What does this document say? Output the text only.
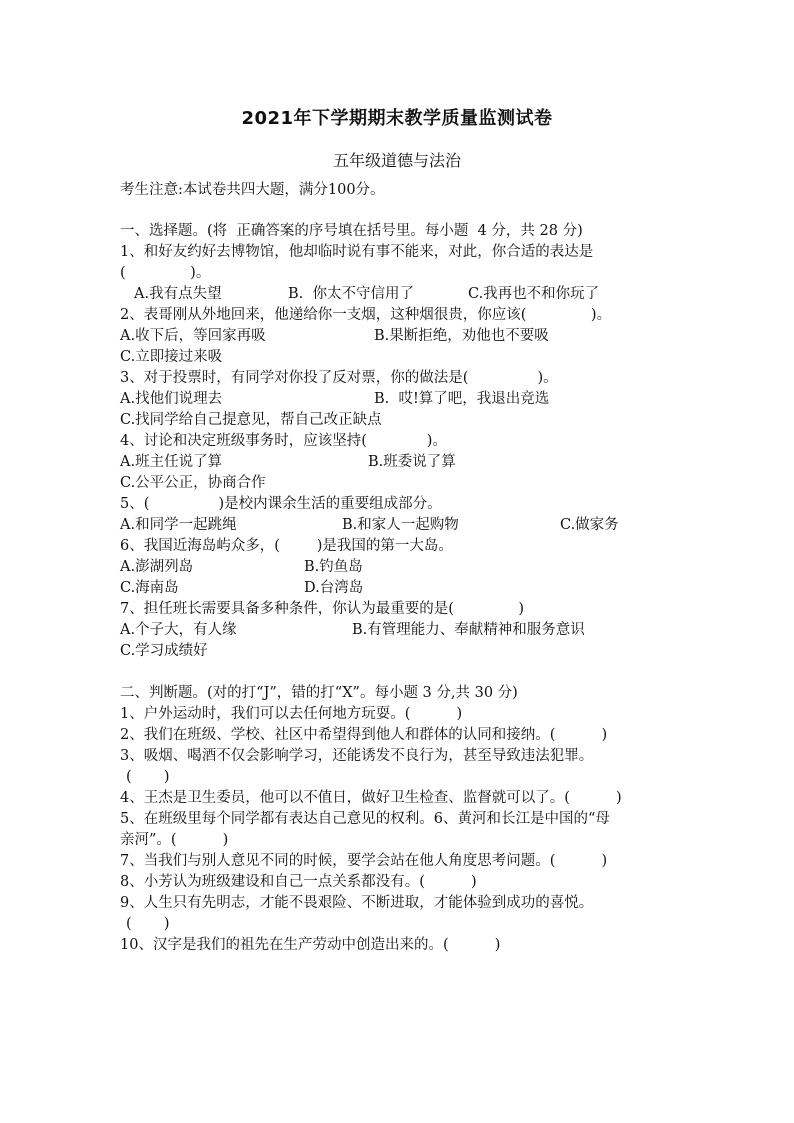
2021年下学期期末教学质量监测试卷
五年级道德与法治
考生注意:本试卷共四大题，满分100分。
一、选择题。(将  正确答案的序号填在括号里。每小题  4 分，共 28 分)
1、和好友约好去博物馆，他却临时说有事不能来，对此，你合适的表达是
(              )。
A.我有点失望	B.  你太不守信用了	C.我再也不和你玩了
2、表哥刚从外地回来，他递给你一支烟，这种烟很贵，你应该(              )。
A.收下后，等回家再吸	B.果断拒绝，劝他也不要吸
C.立即接过来吸
3、对于投票时，有同学对你投了反对票，你的做法是(               )。
A.找他们说理去	B.  哎!算了吧，我退出竞选
C.找同学给自己提意见，帮自己改正缺点
4、讨论和决定班级事务时，应该坚持(             )。
A.班主任说了算	B.班委说了算
C.公平公正，协商合作
5、(               )是校内课余生活的重要组成部分。
A.和同学一起跳绳	B.和家人一起购物	C.做家务
6、我国近海岛屿众多，(        )是我国的第一大岛。
A.澎湖列岛	B.钓鱼岛
C.海南岛	D.台湾岛
7、担任班长需要具备多种条件，你认为最重要的是(              )
A.个子大，有人缘	B.有管理能力、奉献精神和服务意识
C.学习成绩好
二、判断题。(对的打“J”，错的打“X”。每小题 3 分,共 30 分)
1、户外运动时，我们可以去任何地方玩耍。(          )
2、我们在班级、学校、社区中希望得到他人和群体的认同和接纳。(          )
3、吸烟、喝酒不仅会影响学习，还能诱发不良行为，甚至导致违法犯罪。
(       )
4、王杰是卫生委员，他可以不值日，做好卫生检查、监督就可以了。(          )
5、在班级里每个同学都有表达自己意见的权利。6、黄河和长江是中国的“母
亲河”。(          )
7、当我们与别人意见不同的时候，要学会站在他人角度思考问题。(          )
8、小芳认为班级建设和自己一点关系都没有。(          )
9、人生只有先明志，才能不畏艰险、不断进取，才能体验到成功的喜悦。
(       )
10、汉字是我们的祖先在生产劳动中创造出来的。(          )
